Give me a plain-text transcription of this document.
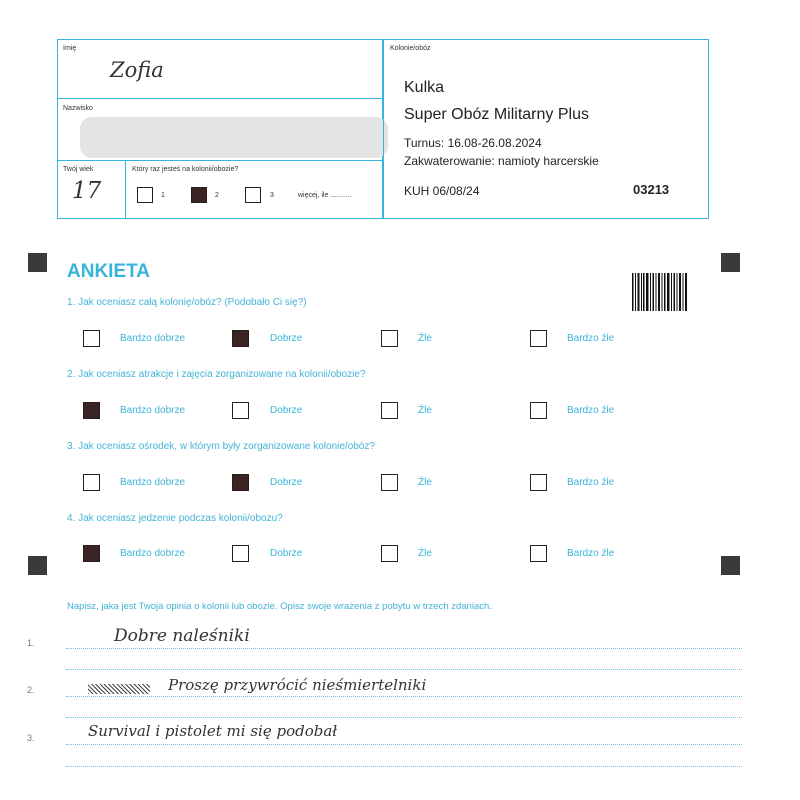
Imię
Zofia
Nazwisko
Twój wiek
17
Który raz jesteś na kolonii/obozie?
1	2	3	więcej, ile ...........
Kolonie/obóz
Kulka
Super Obóz Militarny Plus
Turnus: 16.08-26.08.2024
Zakwaterowanie: namioty harcerskie
KUH 06/08/24	03213
ANKIETA
1. Jak oceniasz całą kolonię/obóz? (Podobało Ci się?)
Bardzo dobrze	Dobrze	Źle	Bardzo źle
2. Jak oceniasz atrakcje i zajęcia zorganizowane na kolonii/obozie?
Bardzo dobrze	Dobrze	Źle	Bardzo źle
3. Jak oceniasz ośrodek, w którym były zorganizowane kolonie/obóz?
Bardzo dobrze	Dobrze	Źle	Bardzo źle
4. Jak oceniasz jedzenie podczas kolonii/obozu?
Bardzo dobrze	Dobrze	Źle	Bardzo źle
Napisz, jaka jest Twoja opinia o kolonii lub obozie. Opisz swoje wrażenia z pobytu w trzech zdaniach.
1.	Dobre naleśniki
2.	Proszę przywrócić nieśmiertelniki
3.	Survival i pistolet mi się podobał
